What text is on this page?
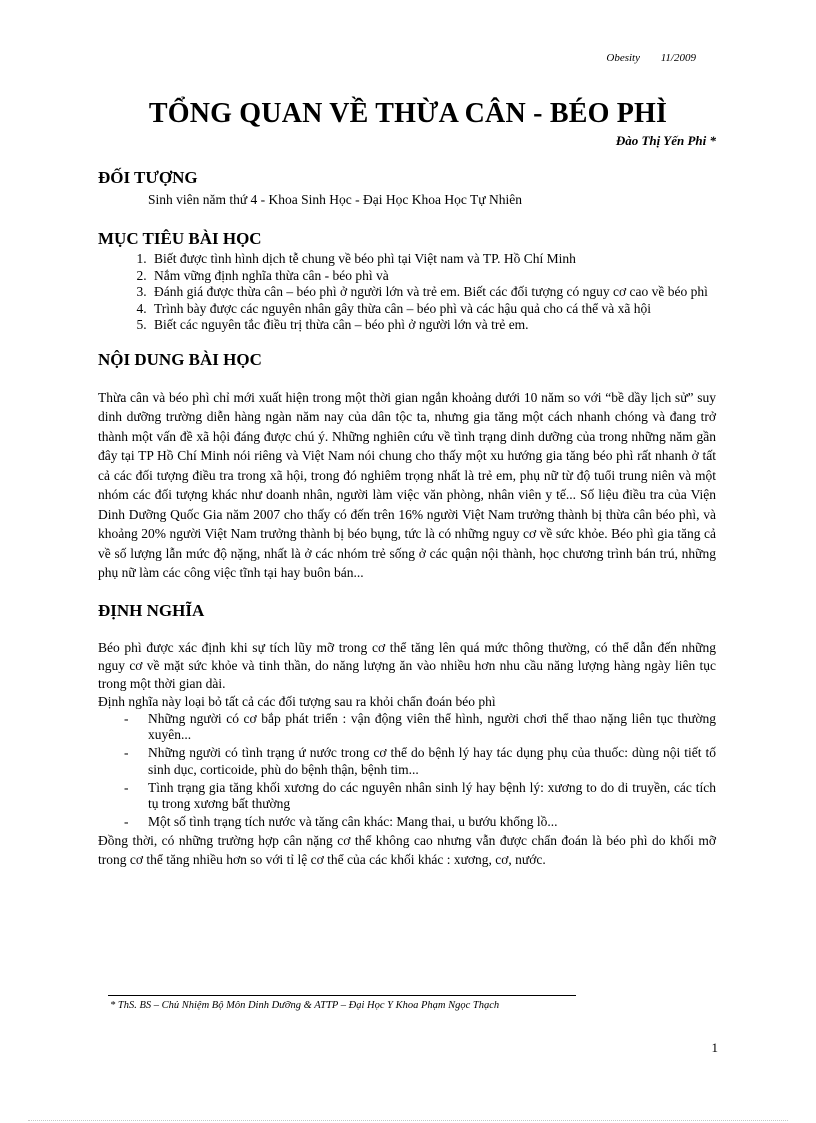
Obesity 11/2009
TỔNG QUAN VỀ THỪA CÂN - BÉO PHÌ
Đào Thị Yến Phi *
ĐỐI TƯỢNG

Sinh viên năm thứ 4 - Khoa Sinh Học - Đại Học Khoa Học Tự Nhiên

MỤC TIÊU BÀI HỌC
1. Biết được tình hình dịch tễ chung về béo phì tại Việt nam và TP. Hồ Chí Minh
2. Nắm vững định nghĩa thừa cân - béo phì và
3. Đánh giá được thừa cân – béo phì ở người lớn và trẻ em. Biết các đối tượng có nguy cơ cao về béo phì
4. Trình bày được các nguyên nhân gây thừa cân – béo phì và các hậu quả cho cá thể và xã hội
5. Biết các nguyên tắc điều trị thừa cân – béo phì ở người lớn và trẻ em.
NỘI DUNG BÀI HỌC

Thừa cân và béo phì chỉ mới xuất hiện trong một thời gian ngắn khoảng dưới 10 năm so với “bề dầy lịch sử” suy dinh dưỡng trường diễn hàng ngàn năm nay của dân tộc ta, nhưng gia tăng một cách nhanh chóng và đang trở thành một vấn đề xã hội đáng được chú ý. Những nghiên cứu về tình trạng dinh dưỡng của trong những năm gần đây tại TP Hồ Chí Minh nói riêng và Việt Nam nói chung cho thấy một xu hướng gia tăng béo phì rất nhanh ở tất cả các đối tượng điều tra trong xã hội, trong đó nghiêm trọng nhất là trẻ em, phụ nữ từ độ tuổi trung niên và một nhóm các đối tượng khác như doanh nhân, người làm việc văn phòng, nhân viên y tế... Số liệu điều tra của Viện Dinh Dưỡng Quốc Gia năm 2007 cho thấy có đến trên 16% người Việt Nam trưởng thành bị thừa cân béo phì, và khoảng 20% người Việt Nam trưởng thành bị béo bụng, tức là có những nguy cơ về sức khỏe. Béo phì gia tăng cả về số lượng lẫn mức độ nặng, nhất là ở các nhóm trẻ sống ở các quận nội thành, học chương trình bán trú, những phụ nữ làm các công việc tĩnh tại hay buôn bán...

ĐỊNH NGHĨA

Béo phì được xác định khi sự tích lũy mỡ trong cơ thể tăng lên quá mức thông thường, có thể dẫn đến những nguy cơ về mặt sức khỏe và tinh thần, do năng lượng ăn vào nhiều hơn nhu cầu năng lượng hàng ngày liên tục trong một thời gian dài.

Định nghĩa này loại bỏ tất cả các đối tượng sau ra khỏi chẩn đoán béo phì

- Những người có cơ bắp phát triển : vận động viên thể hình, người chơi thể thao nặng liên tục thường xuyên...
- Những người có tình trạng ứ nước trong cơ thể do bệnh lý hay tác dụng phụ của thuốc: dùng nội tiết tố sinh dục, corticoide, phù do bệnh thận, bệnh tim...
- Tình trạng gia tăng khối xương do các nguyên nhân sinh lý hay bệnh lý: xương to do di truyền, các tích tụ trong xương bất thường
- Một số tình trạng tích nước và tăng cân khác: Mang thai, u bướu khổng lồ...

Đồng thời, có những trường hợp cân nặng cơ thể không cao nhưng vẫn được chẩn đoán là béo phì do khối mỡ trong cơ thể tăng nhiều hơn so với tỉ lệ cơ thể của các khối khác : xương, cơ, nước.

* ThS. BS – Chủ Nhiệm Bộ Môn Dinh Dưỡng & ATTP – Đại Học Y Khoa Phạm Ngọc Thạch
1
